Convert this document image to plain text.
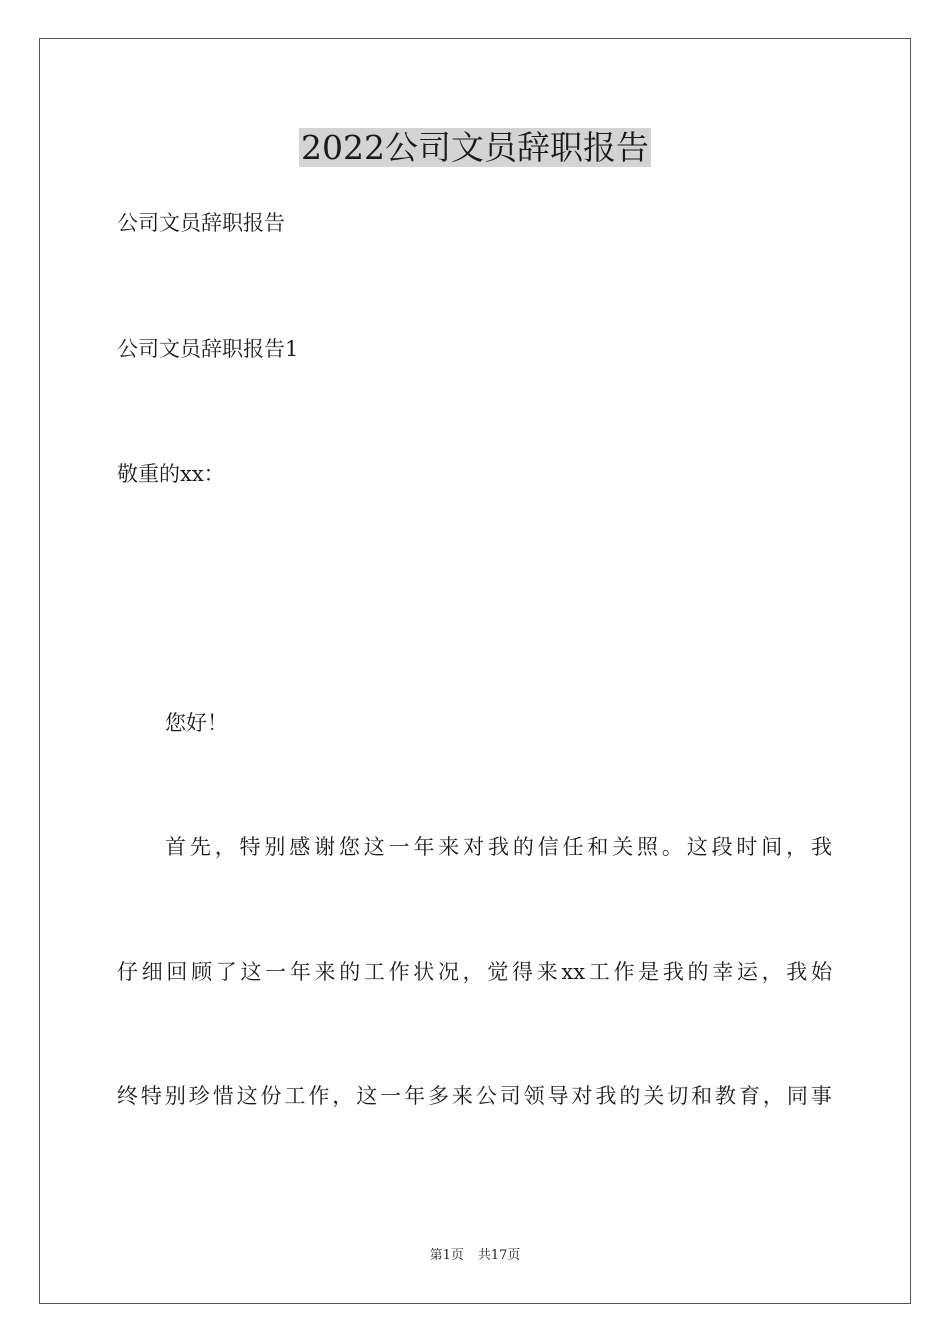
2022公司文员辞职报告

公司文员辞职报告

公司文员辞职报告1

敬重的xx：

您好！

首 先 ， 特 别 感 谢 您 这 一 年 来 对 我 的 信 任 和 关 照 。 这 段 时 间 ， 我

仔 细 回 顾 了 这 一 年 来 的 工 作 状 况 ， 觉 得 来 xx 工 作 是 我 的 幸 运 ， 我 始

终 特 别 珍 惜 这 份 工 作 ， 这 一 年 多 来 公 司 领 导 对 我 的 关 切 和 教 育 ， 同 事

第1页 共17页
